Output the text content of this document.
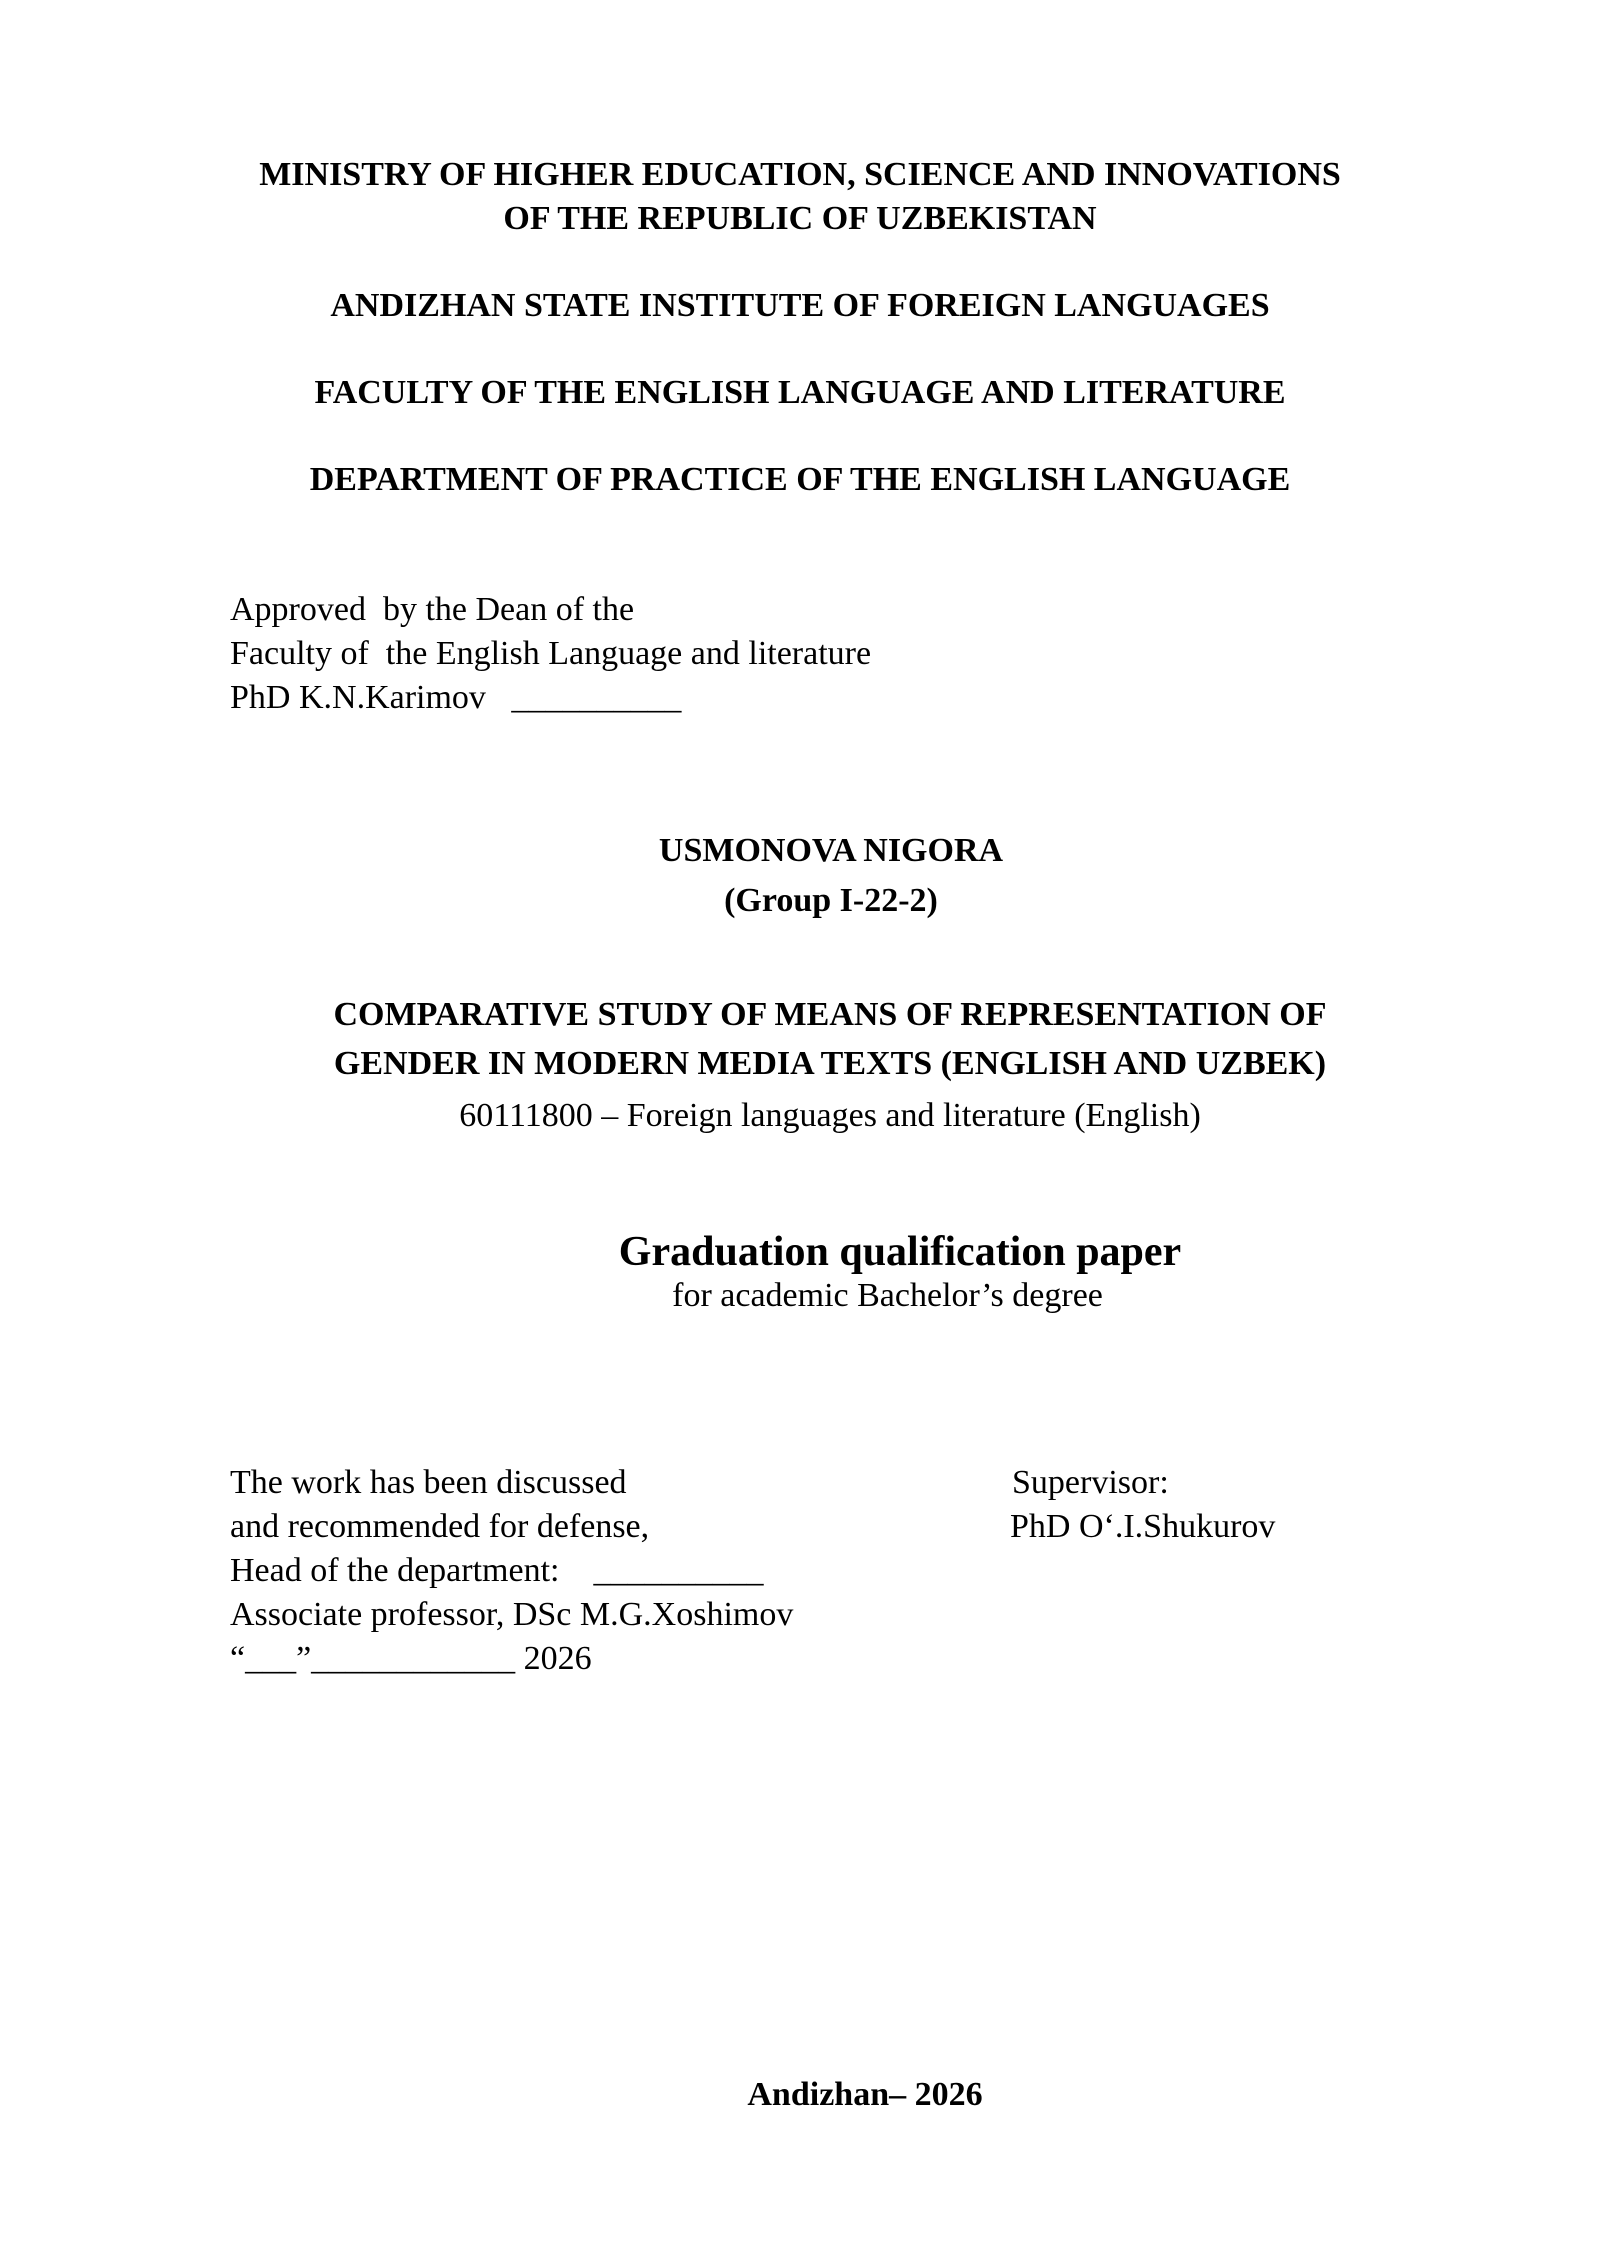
MINISTRY OF HIGHER EDUCATION, SCIENCE AND INNOVATIONS
OF THE REPUBLIC OF UZBEKISTAN
ANDIZHAN STATE INSTITUTE OF FOREIGN LANGUAGES
FACULTY OF THE ENGLISH LANGUAGE AND LITERATURE
DEPARTMENT OF PRACTICE OF THE ENGLISH LANGUAGE
Approved  by the Dean of the
Faculty of  the English Language and literature
PhD K.N.Karimov   __________
USMONOVA NIGORA
(Group I-22-2)
COMPARATIVE STUDY OF MEANS OF REPRESENTATION OF
GENDER IN MODERN MEDIA TEXTS (ENGLISH AND UZBEK)
60111800 – Foreign languages and literature (English)
Graduation qualification paper
for academic Bachelor’s degree
The work has been discussed
and recommended for defense,
Head of the department:    __________
Associate professor, DSc M.G.Xoshimov
“___”____________ 2026
Supervisor:
PhD O‘.I.Shukurov
Andizhan– 2026
